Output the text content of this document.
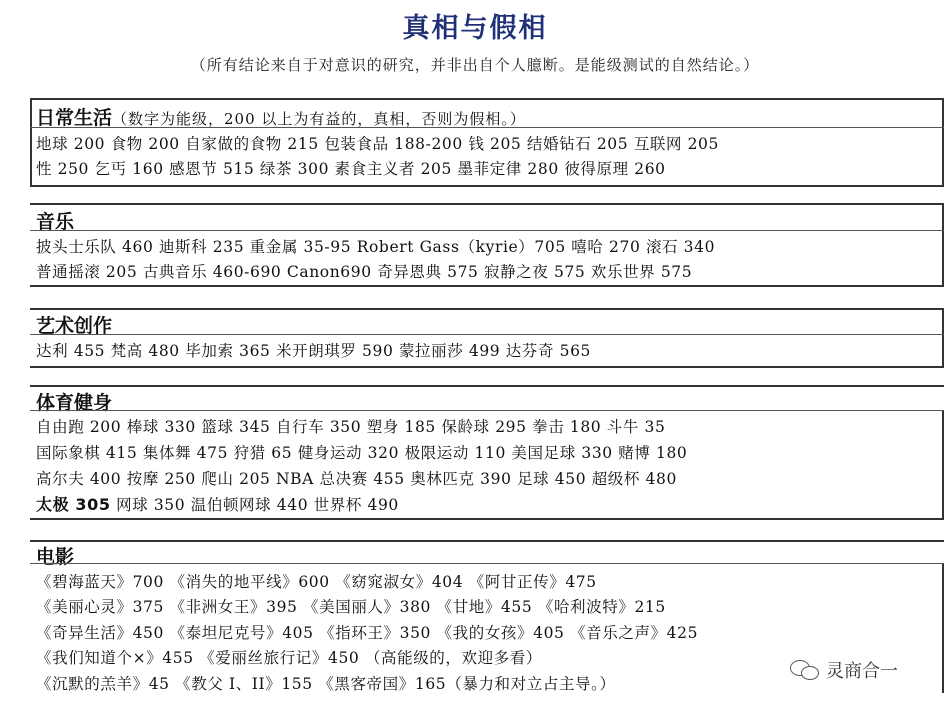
真相与假相
（所有结论来自于对意识的研究，并非出自个人臆断。是能级测试的自然结论。）
日常生活（数字为能级，200 以上为有益的，真相，否则为假相。）
地球 200 食物 200 自家做的食物 215 包装食品 188-200 钱 205 结婚钻石 205 互联网 205
性 250 乞丐 160 感恩节 515 绿茶 300 素食主义者 205 墨菲定律 280 彼得原理 260
音乐
披头士乐队 460 迪斯科 235 重金属 35-95 Robert Gass（kyrie）705 嘻哈 270 滚石 340
普通摇滚 205 古典音乐 460-690 Canon690 奇异恩典 575 寂静之夜 575 欢乐世界 575
艺术创作
达利 455 梵高 480 毕加索 365 米开朗琪罗 590 蒙拉丽莎 499 达芬奇 565
体育健身
自由跑 200 棒球 330 篮球 345 自行车 350 塑身 185 保龄球 295 拳击 180 斗牛 35
国际象棋 415 集体舞 475 狩猎 65 健身运动 320 极限运动 110 美国足球 330 赌博 180
高尔夫 400 按摩 250 爬山 205 NBA 总决赛 455 奥林匹克 390 足球 450 超级杯 480
太极 305 网球 350 温伯顿网球 440 世界杯 490
电影
《碧海蓝天》700 《消失的地平线》600 《窈窕淑女》404 《阿甘正传》475
《美丽心灵》375 《非洲女王》395 《美国丽人》380 《甘地》455 《哈利波特》215
《奇异生活》450 《泰坦尼克号》405 《指环王》350 《我的女孩》405 《音乐之声》425
《我们知道个×》455 《爱丽丝旅行记》450 （高能级的，欢迎多看）
《沉默的羔羊》45 《教父 I、II》155 《黑客帝国》165（暴力和对立占主导。）
灵商合一
